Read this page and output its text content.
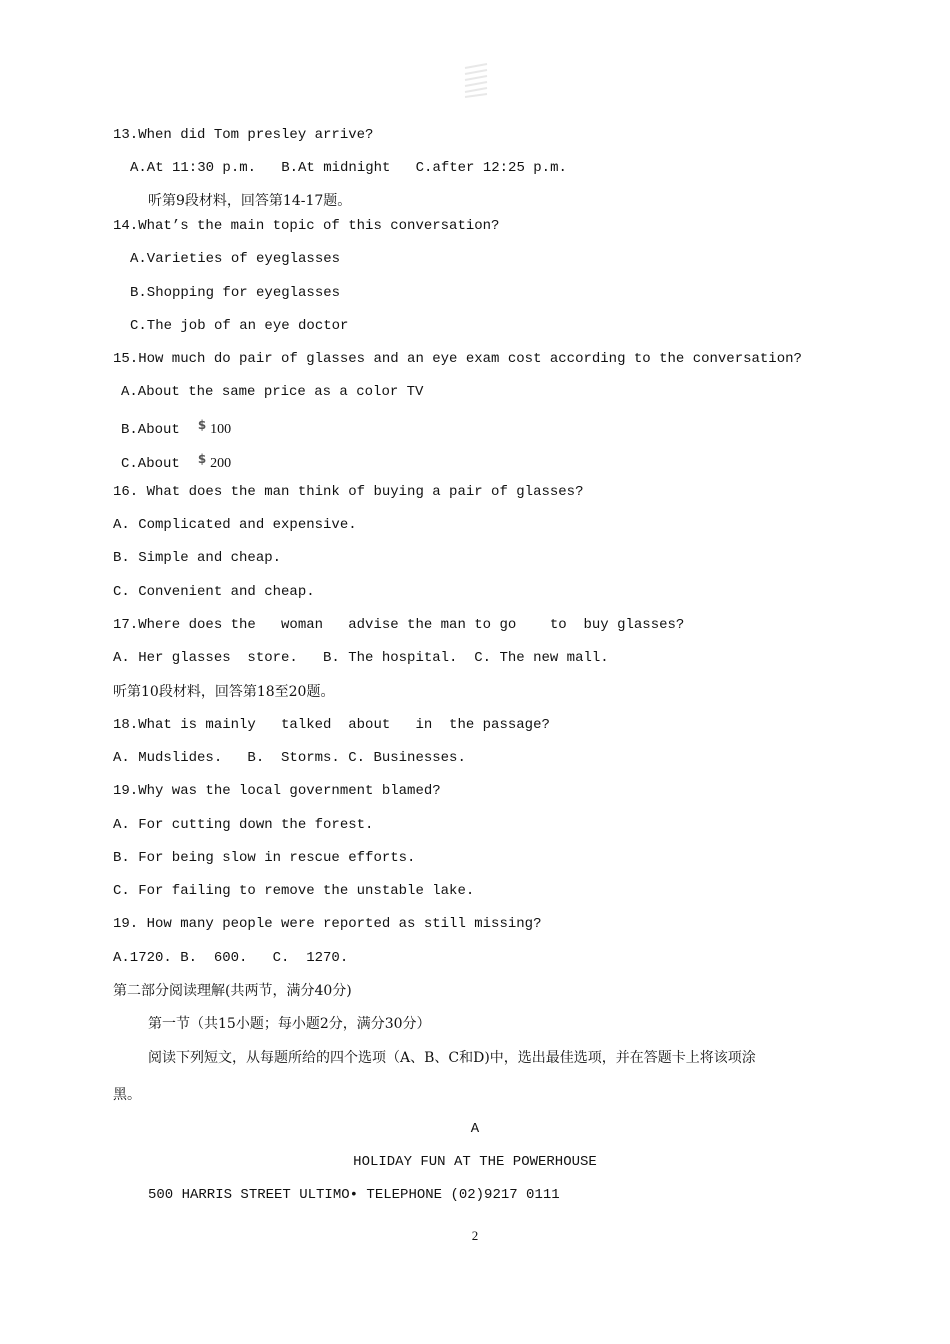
13.When did Tom presley arrive?
A.At 11:30 p.m.   B.At midnight   C.after 12:25 p.m.
听第9段材料，回答第14-17题。
14.What’s the main topic of this conversation?
A.Varieties of eyeglasses
B.Shopping for eyeglasses
C.The job of an eye doctor
15.How much do pair of glasses and an eye exam cost according to the conversation?
A.About the same price as a color TV
B.About $ 100
C.About $ 200
16. What does the man think of buying a pair of glasses?
A. Complicated and expensive.
B. Simple and cheap.
C. Convenient and cheap.
17.Where does the   woman   advise the man to go    to  buy glasses?
A. Her glasses  store.   B. The hospital.  C. The new mall.
听第10段材料，回答第18至20题。
18.What is mainly   talked  about   in  the passage?
A. Mudslides.   B.  Storms. C. Businesses.
19.Why was the local government blamed?
A. For cutting down the forest.
B. For being slow in rescue efforts.
C. For failing to remove the unstable lake.
19. How many people were reported as still missing?
A.1720. B.  600.   C.  1270.
第二部分阅读理解(共两节，满分40分)
第一节（共15小题；每小题2分，满分30分）
阅读下列短文，从每题所给的四个选项（A、B、C和D)中，选出最佳选项，并在答题卡上将该项涂
黑。
A
HOLIDAY FUN AT THE POWERHOUSE
500 HARRIS STREET ULTIMO• TELEPHONE (02)9217 0111
2
